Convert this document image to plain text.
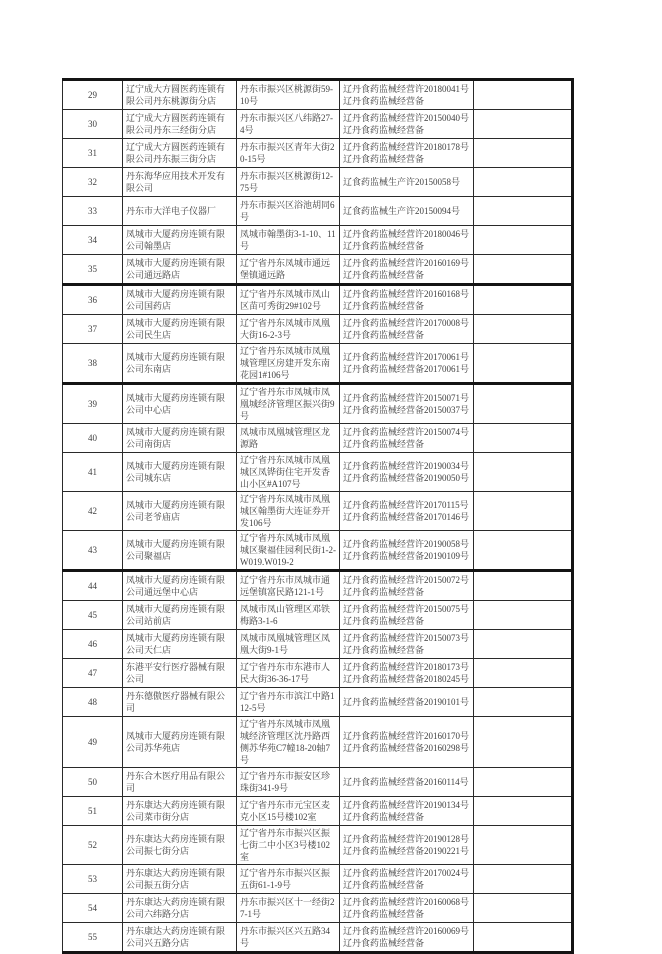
29	辽宁成大方圆医药连锁有限公司丹东桃源街分店	丹东市振兴区桃源街59-10号	辽丹食药监械经营许20180041号辽丹食药监械经营备	
30	辽宁成大方圆医药连锁有限公司丹东三经街分店	丹东市振兴区八纬路27-4号	辽丹食药监械经营许20150040号辽丹食药监械经营备	
31	辽宁成大方圆医药连锁有限公司丹东振三街分店	丹东市振兴区青年大街20-15号	辽丹食药监械经营许20180178号辽丹食药监械经营备	
32	丹东海华应用技术开发有限公司	丹东市振兴区桃源街12-75号	辽食药监械生产许20150058号	
33	丹东市大洋电子仪器厂	丹东市振兴区浴池胡同6号	辽食药监械生产许20150094号	
34	凤城市大厦药房连锁有限公司翰墨店	凤城市翰墨街3-1-10、11号	辽丹食药监械经营许20180046号辽丹食药监械经营备	
35	凤城市大厦药房连锁有限公司通远路店	辽宁省丹东凤城市通远堡镇通远路	辽丹食药监械经营许20160169号辽丹食药监械经营备	
36	凤城市大厦药房连锁有限公司国药店	辽宁省丹东凤城市凤山区苗可秀街29#102号	辽丹食药监械经营许20160168号辽丹食药监械经营备	
37	凤城市大厦药房连锁有限公司民生店	辽宁省丹东凤城市凤凰大街16-2-3号	辽丹食药监械经营许20170008号辽丹食药监械经营备	
38	凤城市大厦药房连锁有限公司东南店	辽宁省丹东凤城市凤凰城管理区房建开发东南花园1#106号	辽丹食药监械经营许20170061号辽丹食药监械经营备20170061号	
39	凤城市大厦药房连锁有限公司中心店	辽宁省丹东市凤城市凤凰城经济管理区振兴街9号	辽丹食药监械经营许20150071号辽丹食药监械经营备20150037号	
40	凤城市大厦药房连锁有限公司南街店	凤城市凤凰城管理区龙源路	辽丹食药监械经营许20150074号辽丹食药监械经营备	
41	凤城市大厦药房连锁有限公司城东店	辽宁省丹东凤城市凤凰城区凤铧街住宅开发香山小区#A107号	辽丹食药监械经营许20190034号辽丹食药监械经营备20190050号	
42	凤城市大厦药房连锁有限公司老爷庙店	辽宁省丹东凤城市凤凰城区翰墨街大连证券开发106号	辽丹食药监械经营许20170115号辽丹食药监械经营备20170146号	
43	凤城市大厦药房连锁有限公司聚福店	辽宁省丹东凤城市凤凰城区聚福佳园利民街1-2-W019.W019-2	辽丹食药监械经营许20190058号辽丹食药监械经营备20190109号	
44	凤城市大厦药房连锁有限公司通远堡中心店	辽宁省丹东市凤城市通远堡镇富民路121-1号	辽丹食药监械经营许20150072号辽丹食药监械经营备	
45	凤城市大厦药房连锁有限公司站前店	凤城市凤山管理区邓铁梅路3-1-6	辽丹食药监械经营许20150075号辽丹食药监械经营备	
46	凤城市大厦药房连锁有限公司天仁店	凤城市凤凰城管理区凤凰大街9-1号	辽丹食药监械经营许20150073号辽丹食药监械经营备	
47	东港平安行医疗器械有限公司	辽宁省丹东市东港市人民大街36-36-17号	辽丹食药监械经营许20180173号辽丹食药监械经营备20180245号	
48	丹东德傲医疗器械有限公司	辽宁省丹东市滨江中路112-5号	辽丹食药监械经营备20190101号	
49	凤城市大厦药房连锁有限公司苏华苑店	辽宁省丹东凤城市凤凰城经济管理区沈丹路西侧苏华苑C7幢18-20轴7号	辽丹食药监械经营许20160170号辽丹食药监械经营备20160298号	
50	丹东合木医疗用品有限公司	辽宁省丹东市振安区珍珠街341-9号	辽丹食药监械经营备20160114号	
51	丹东康达大药房连锁有限公司菜市街分店	辽宁省丹东市元宝区麦克小区15号楼102室	辽丹食药监械经营许20190134号辽丹食药监械经营备	
52	丹东康达大药房连锁有限公司振七街分店	辽宁省丹东市振兴区振七街二中小区3号楼102室	辽丹食药监械经营许20190128号辽丹食药监械经营备20190221号	
53	丹东康达大药房连锁有限公司振五街分店	辽宁省丹东市振兴区振五街61-1-9号	辽丹食药监械经营许20170024号辽丹食药监械经营备	
54	丹东康达大药房连锁有限公司六纬路分店	丹东市振兴区十一经街27-1号	辽丹食药监械经营许20160068号辽丹食药监械经营备	
55	丹东康达大药房连锁有限公司兴五路分店	丹东市振兴区兴五路34号	辽丹食药监械经营许20160069号辽丹食药监械经营备	
